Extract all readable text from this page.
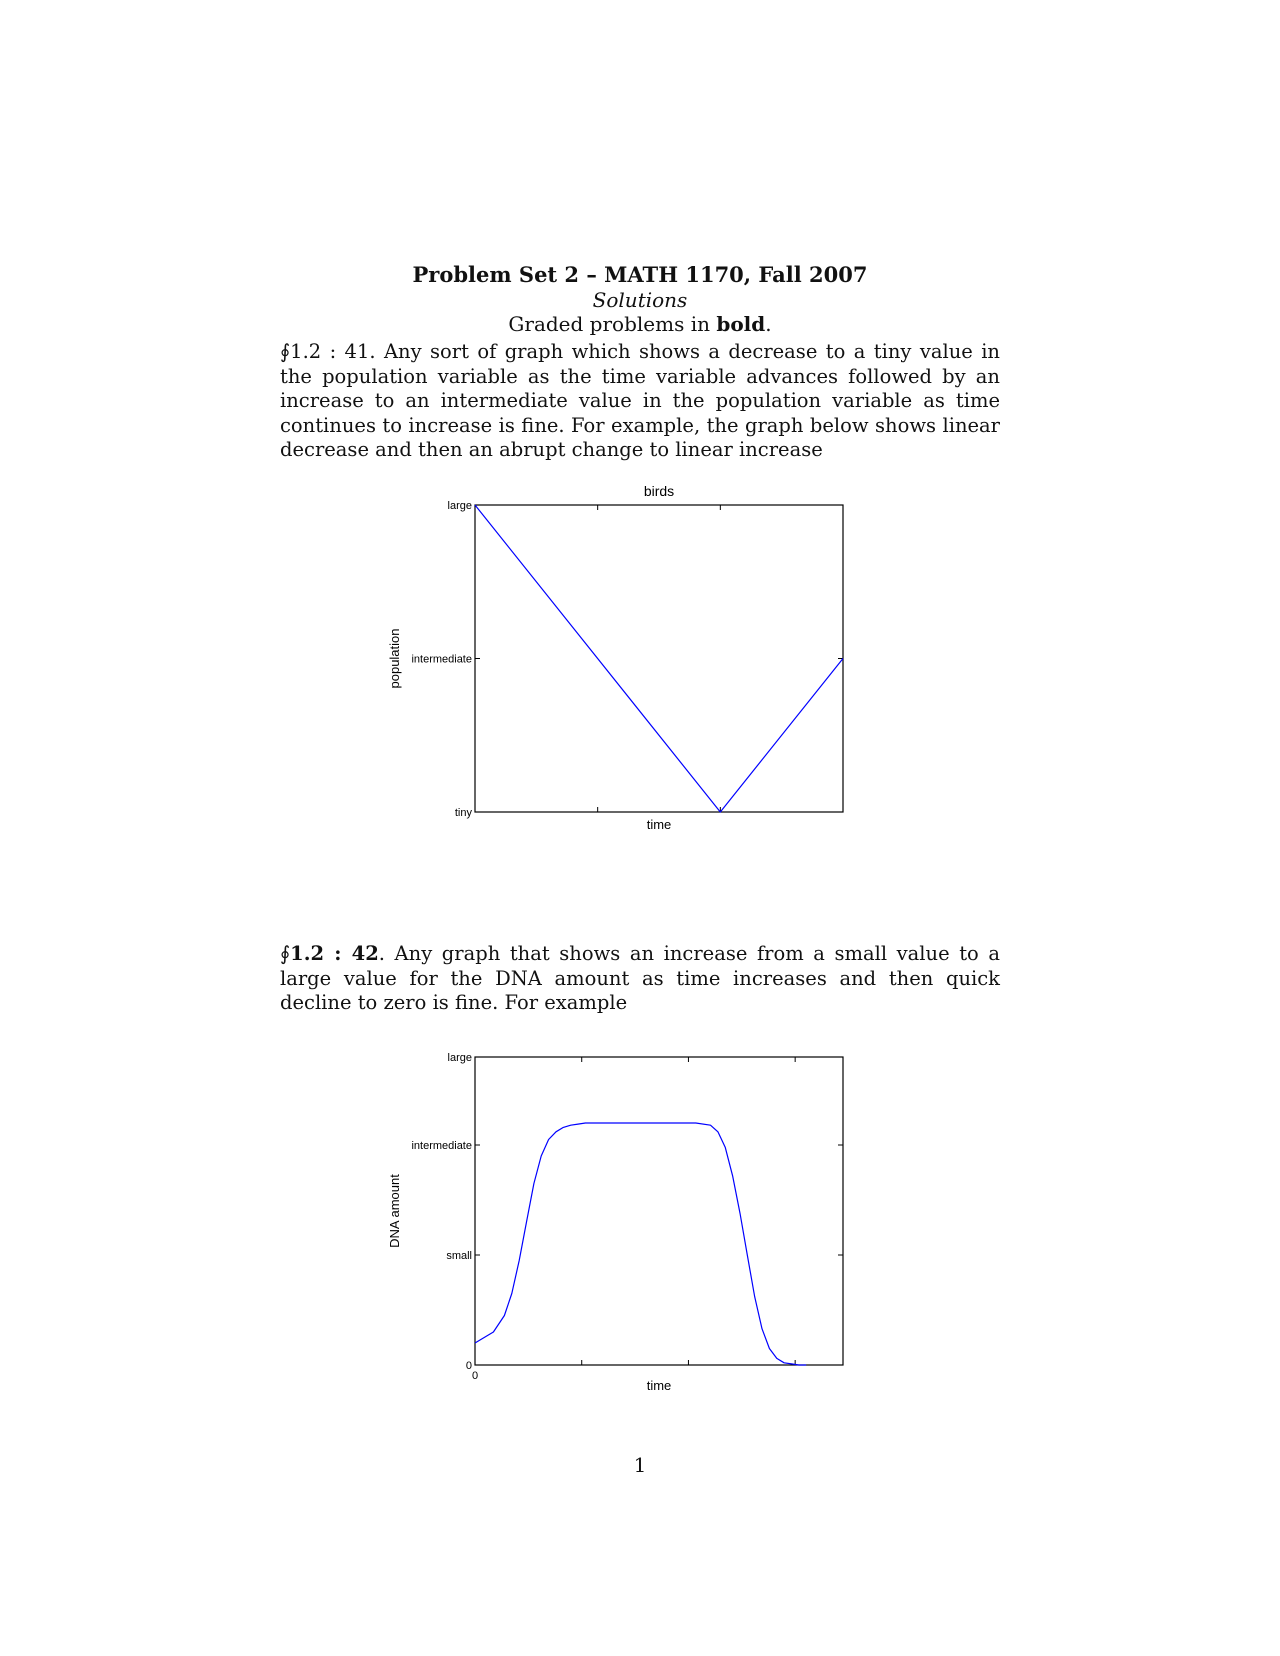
Problem Set 2 – MATH 1170, Fall 2007
Solutions
Graded problems in bold.
∮1.2 : 41. Any sort of graph which shows a decrease to a tiny value in the population variable as the time variable advances followed by an increase to an intermediate value in the population variable as time continues to increase is fine. For example, the graph below shows linear decrease and then an abrupt change to linear increase
birds
tiny
intermediate
large
time
population
∮1.2 : 42. Any graph that shows an increase from a small value to a large value for the DNA amount as time increases and then quick decline to zero is fine. For example
0
small
intermediate
large
0
time
DNA amount
1
